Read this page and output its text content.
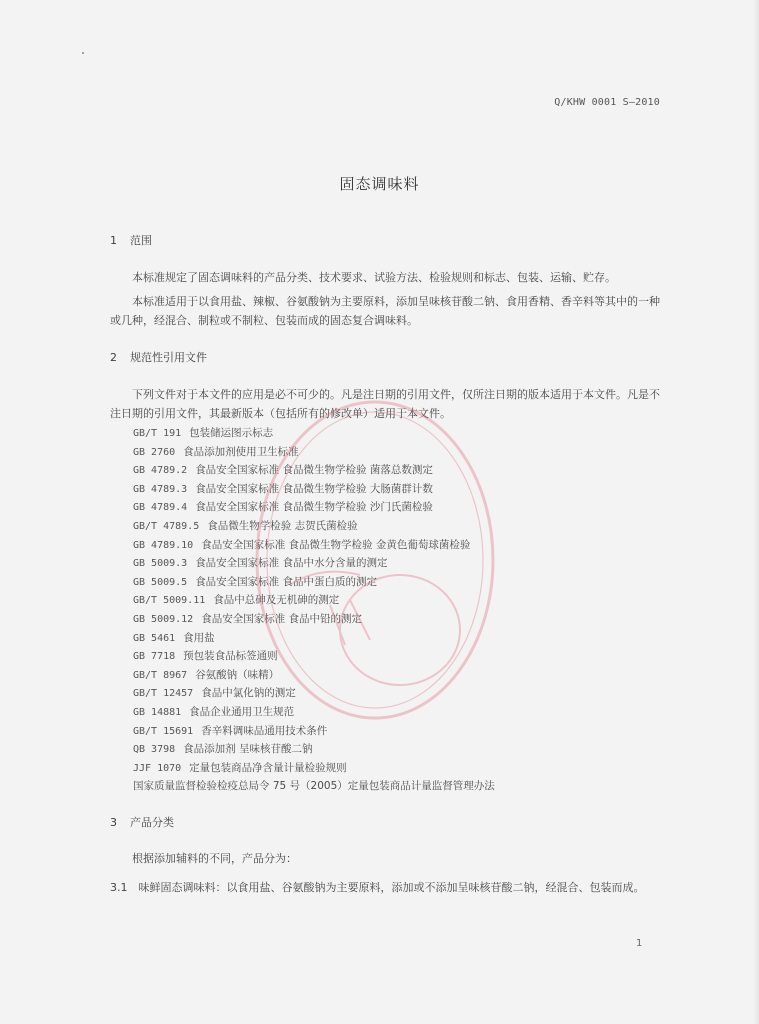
Q/KHW 0001 S—2010
固态调味料
1 范围
本标准规定了固态调味料的产品分类、技术要求、试验方法、检验规则和标志、包装、运输、贮存。
本标准适用于以食用盐、辣椒、谷氨酸钠为主要原料，添加呈味核苷酸二钠、食用香精、香辛料等其中的一种或几种，经混合、制粒或不制粒、包装而成的固态复合调味料。
2 规范性引用文件
下列文件对于本文件的应用是必不可少的。凡是注日期的引用文件，仅所注日期的版本适用于本文件。凡是不注日期的引用文件，其最新版本（包括所有的修改单）适用于本文件。
GB/T 191 包装储运图示标志
GB 2760 食品添加剂使用卫生标准
GB 4789.2 食品安全国家标准 食品微生物学检验 菌落总数测定
GB 4789.3 食品安全国家标准 食品微生物学检验 大肠菌群计数
GB 4789.4 食品安全国家标准 食品微生物学检验 沙门氏菌检验
GB/T 4789.5 食品微生物学检验 志贺氏菌检验
GB 4789.10 食品安全国家标准 食品微生物学检验 金黄色葡萄球菌检验
GB 5009.3 食品安全国家标准 食品中水分含量的测定
GB 5009.5 食品安全国家标准 食品中蛋白质的测定
GB/T 5009.11 食品中总砷及无机砷的测定
GB 5009.12 食品安全国家标准 食品中铅的测定
GB 5461 食用盐
GB 7718 预包装食品标签通则
GB/T 8967 谷氨酸钠（味精）
GB/T 12457 食品中氯化钠的测定
GB 14881 食品企业通用卫生规范
GB/T 15691 香辛料调味品通用技术条件
QB 3798 食品添加剂 呈味核苷酸二钠
JJF 1070 定量包装商品净含量计量检验规则
国家质量监督检验检疫总局令 75 号（2005）定量包装商品计量监督管理办法
3 产品分类
根据添加辅料的不同，产品分为：
3.1　味鲜固态调味料：以食用盐、谷氨酸钠为主要原料，添加或不添加呈味核苷酸二钠，经混合、包装而成。
1
